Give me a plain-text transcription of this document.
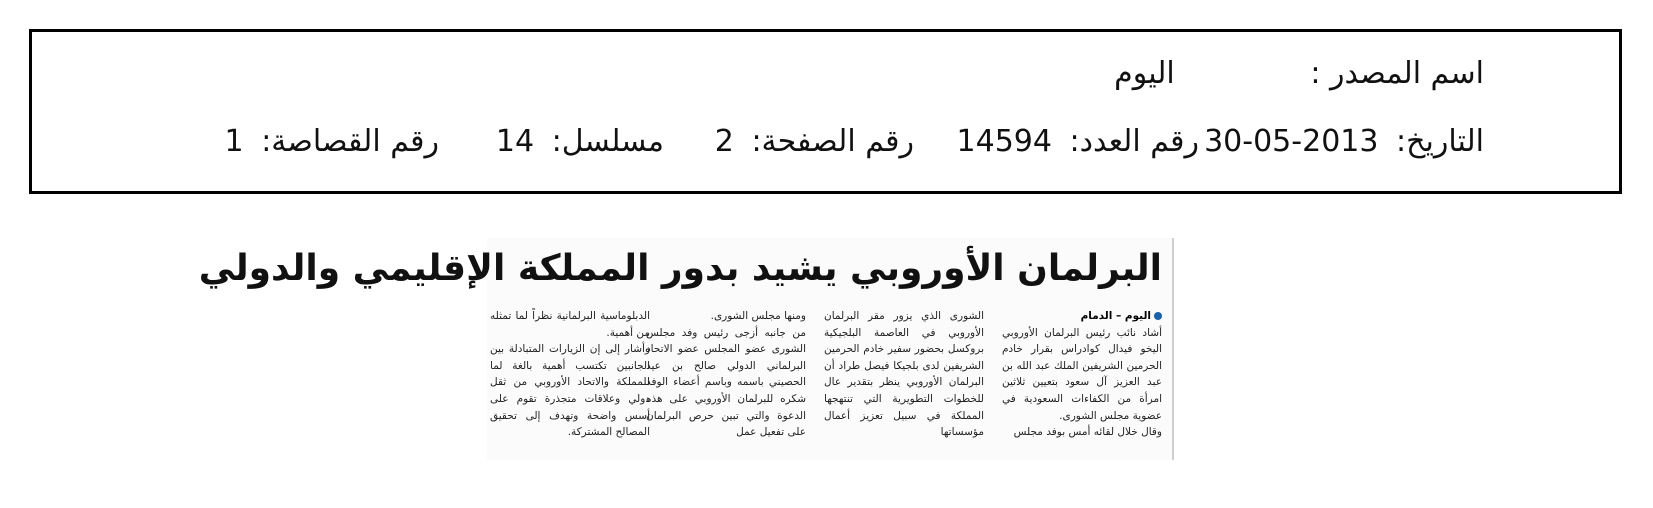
اسم المصدر : اليوم
التاريخ: 2013-05-30
رقم العدد: 14594
رقم الصفحة: 2
مسلسل: 14
رقم القصاصة: 1
البرلمان الأوروبي يشيد بدور المملكة الإقليمي والدولي

اليوم – الدمام

أشاد نائب رئيس البرلمان الأوروبي اليخو فيدال كوادراس بقرار خادم الحرمين الشريفين الملك عبد الله بن عبد العزيز آل سعود بتعيين ثلاثين امرأة من الكفاءات السعودية في عضوية مجلس الشورى.

وقال خلال لقائه أمس بوفد مجلس

الشورى الذي يزور مقر البرلمان الأوروبي في العاصمة البلجيكية بروكسل بحضور سفير خادم الحرمين الشريفين لدى بلجيكا فيصل طراد أن البرلمان الأوروبي ينظر بتقدير عال للخطوات التطويرية التي تنتهجها المملكة في سبيل تعزيز أعمال مؤسساتها

ومنها مجلس الشورى.

من جانبه أزجى رئيس وفد مجلس الشورى عضو المجلس عضو الاتحاد البرلماني الدولي صالح بن عيد الحصيني باسمه وباسم أعضاء الوفد شكره للبرلمان الأوروبي على هذه الدعوة والتي تبين حرص البرلمان على تفعيل عمل

الدبلوماسية البرلمانية نظراً لما تمثله من أهمية.

وأشار إلى إن الزيارات المتبادلة بين الجانبين تكتسب أهمية بالغة لما للمملكة والاتحاد الأوروبي من ثقل دولي وعلاقات متجذرة تقوم على أسس واضحة وتهدف إلى تحقيق المصالح المشتركة.
